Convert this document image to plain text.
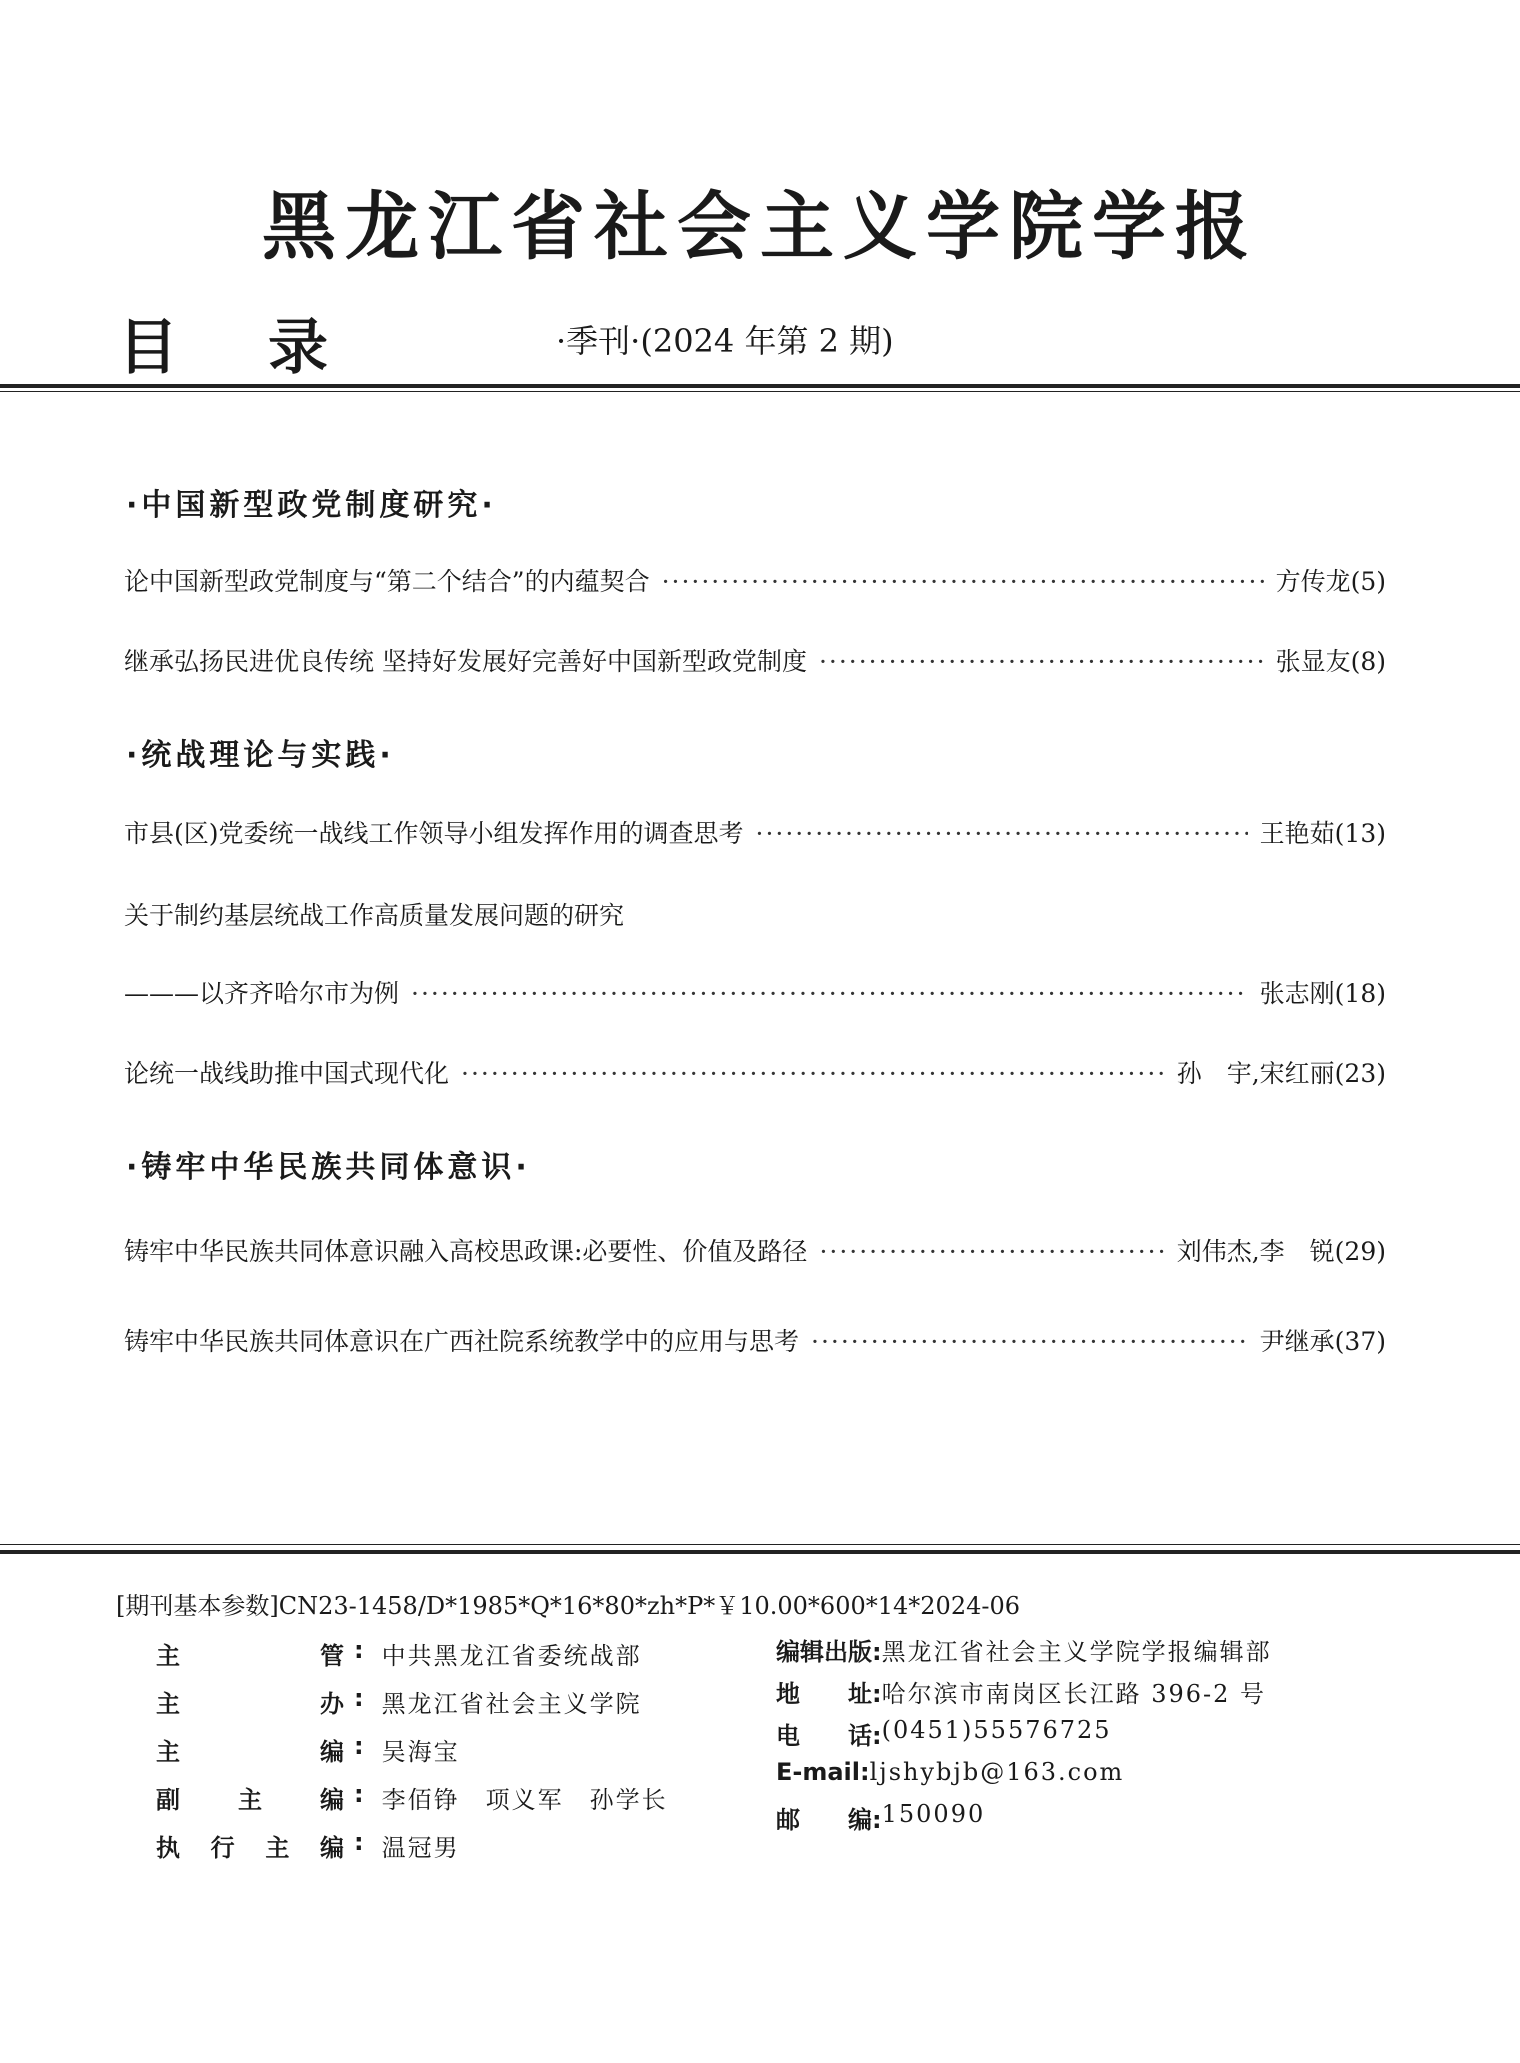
黑龙江省社会主义学院学报
目录	·季刊·(2024 年第 2 期)
·中国新型政党制度研究·
论中国新型政党制度与“第二个结合”的内蕴契合 ·····	方传龙 (5)
继承弘扬民进优良传统 坚持好发展好完善好中国新型政党制度 ·····	张显友 (8)
·统战理论与实践·
市县(区)党委统一战线工作领导小组发挥作用的调查思考 ·····	王艳茹 (13)
关于制约基层统战工作高质量发展问题的研究
———以齐齐哈尔市为例 ·····	张志刚 (18)
论统一战线助推中国式现代化 ·····	孙　宇,宋红丽 (23)
·铸牢中华民族共同体意识·
铸牢中华民族共同体意识融入高校思政课:必要性、价值及路径 ·····	刘伟杰,李　锐 (29)
铸牢中华民族共同体意识在广西社院系统教学中的应用与思考 ·····	尹继承 (37)
[期刊基本参数]CN23-1458/D*1985*Q*16*80*zh*P*￥10.00*600*14*2024-06
主	管 : 中共黑龙江省委统战部
主	办 : 黑龙江省社会主义学院
主	编 : 吴海宝
副 主 编 : 李佰铮　项义军　孙学长
执 行 主 编 : 温冠男
编辑出版: 黑龙江省社会主义学院学报编辑部
地　　址: 哈尔滨市南岗区长江路 396-2 号
电　　话: (0451)55576725
E-mail: ljshybjb@163.com
邮　　编: 150090
